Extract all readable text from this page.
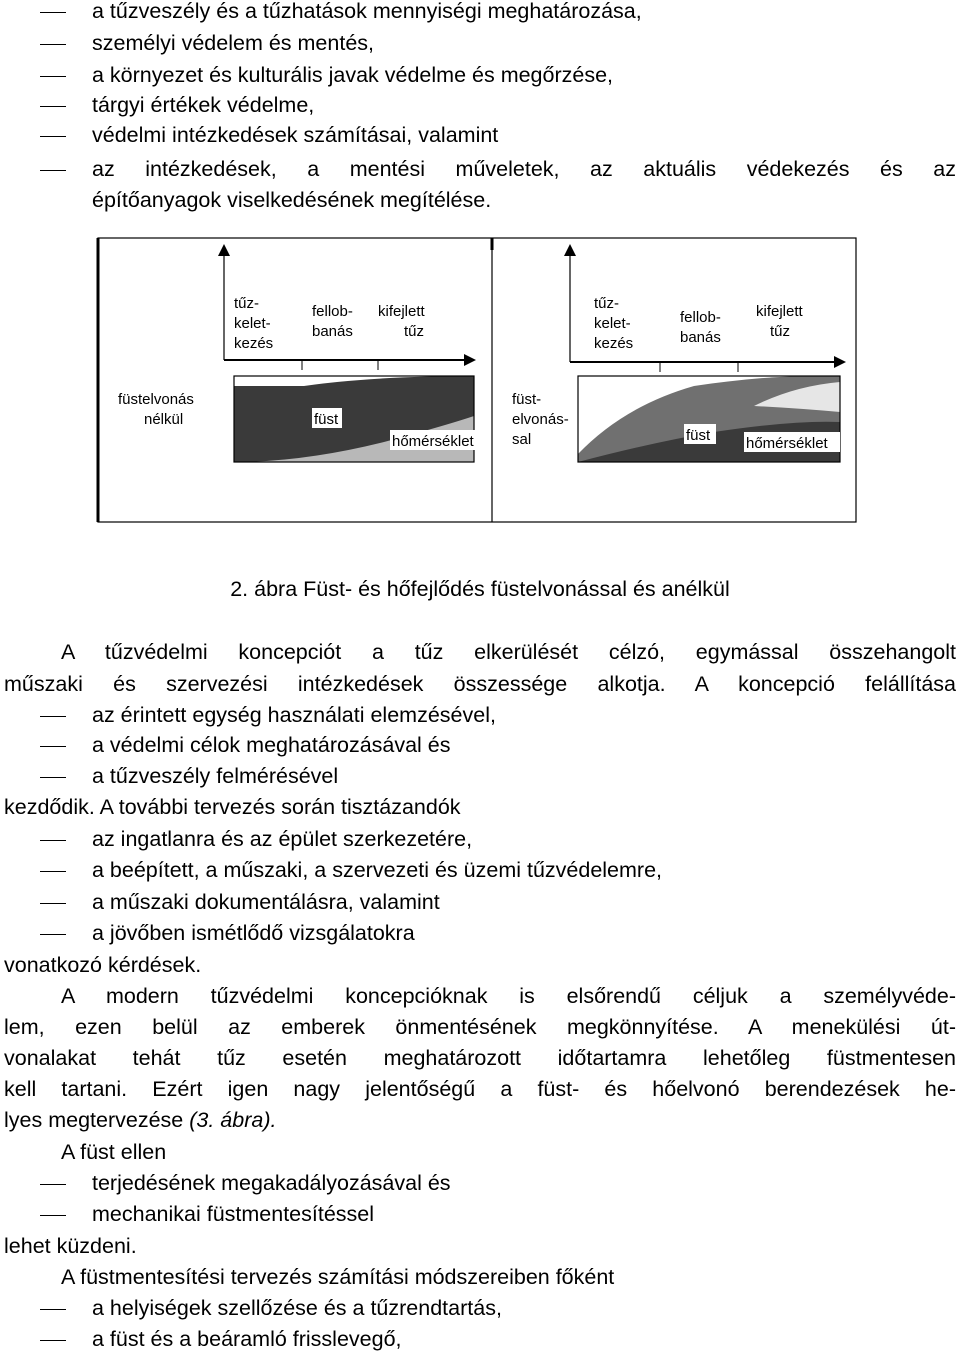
a tűzveszély és a tűzhatások mennyiségi meghatározása,
személyi védelem és mentés,
a környezet és kulturális javak védelme és megőrzése,
tárgyi értékek védelme,
védelmi intézkedések számításai, valamint
az intézkedések, a mentési műveletek, az aktuális védekezés és az
építőanyagok viselkedésének megítélése.
tűz-
kelet-
kezés
fellob-
banás
kifejlett
tűz
füstelvonás
nélkül	füst
hőmérséklet
tűz-
kelet-
kezés
fellob-
banás
kifejlett
tűz
füst-
elvonás-
sal	füst hőmérséklet
2. ábra Füst- és hőfejlődés füstelvonással és anélkül
A tűzvédelmi koncepciót a tűz elkerülését célzó, egymással összehangolt
műszaki és szervezési intézkedések összessége alkotja. A koncepció felállítása
az érintett egység használati elemzésével,
a védelmi célok meghatározásával és
a tűzveszély felmérésével
kezdődik. A további tervezés során tisztázandók
az ingatlanra és az épület szerkezetére,
a beépített, a műszaki, a szervezeti és üzemi tűzvédelemre,
a műszaki dokumentálásra, valamint
a jövőben ismétlődő vizsgálatokra
vonatkozó kérdések.
A modern tűzvédelmi koncepcióknak is elsőrendű céljuk a személyvéde-
lem, ezen belül az emberek önmentésének megkönnyítése. A menekülési út-
vonalakat tehát tűz esetén meghatározott időtartamra lehetőleg füstmentesen
kell tartani. Ezért igen nagy jelentőségű a füst- és hőelvonó berendezések he-
lyes megtervezése (3. ábra).
A füst ellen
terjedésének megakadályozásával és
mechanikai füstmentesítéssel
lehet küzdeni.
A füstmentesítési tervezés számítási módszereiben főként
a helyiségek szellőzése és a tűzrendtartás,
a füst és a beáramló frisslevegő,
